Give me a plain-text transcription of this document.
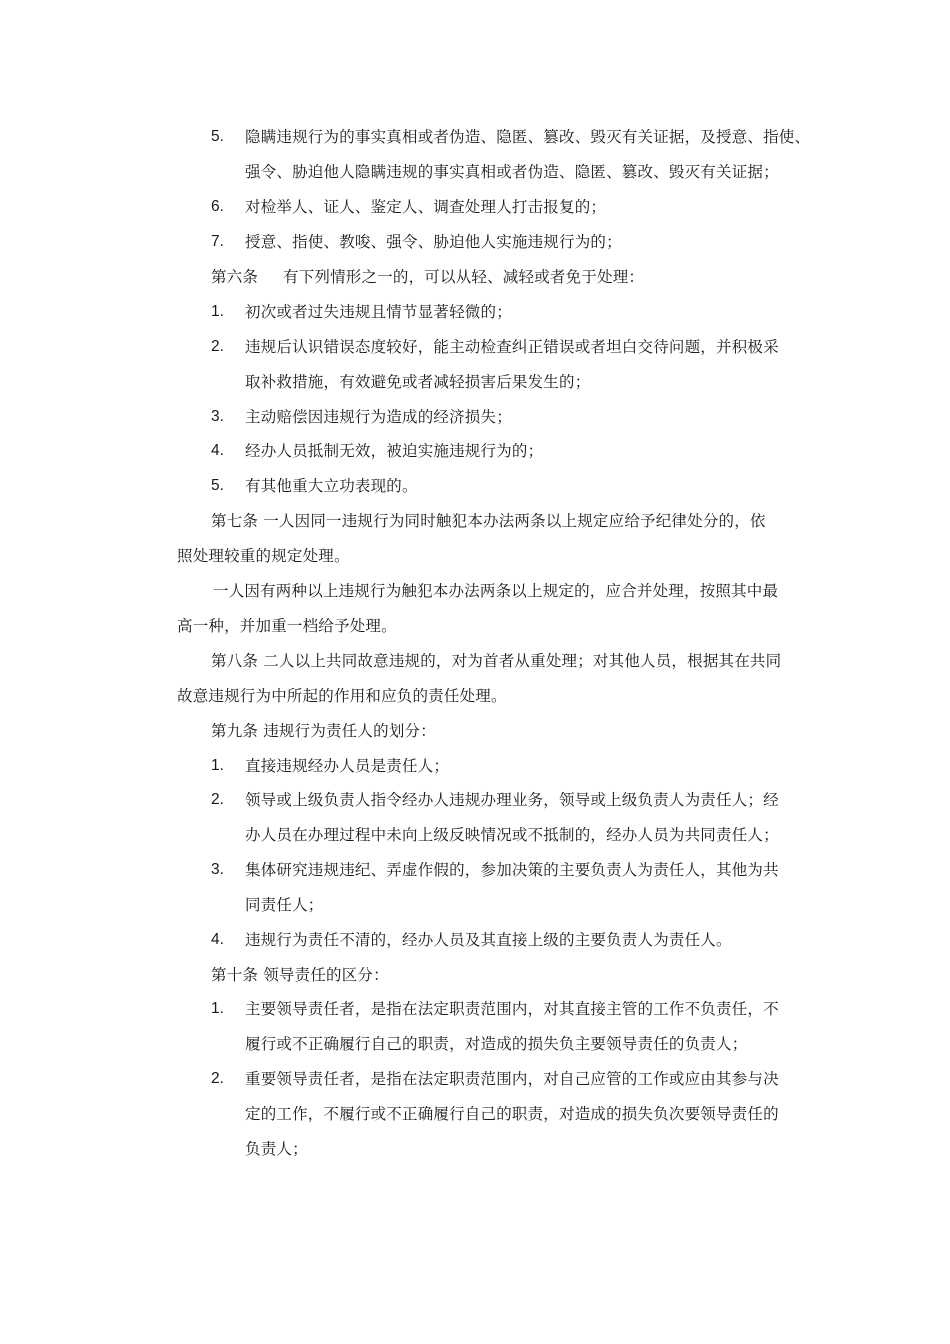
5. 隐瞒违规行为的事实真相或者伪造、隐匿、篡改、毁灭有关证据，及授意、指使、
强令、胁迫他人隐瞒违规的事实真相或者伪造、隐匿、篡改、毁灭有关证据；
6. 对检举人、证人、鉴定人、调查处理人打击报复的；
7. 授意、指使、教唆、强令、胁迫他人实施违规行为的；
第六条 有下列情形之一的，可以从轻、减轻或者免于处理：
1. 初次或者过失违规且情节显著轻微的；
2. 违规后认识错误态度较好，能主动检查纠正错误或者坦白交待问题，并积极采
取补救措施，有效避免或者减轻损害后果发生的；
3. 主动赔偿因违规行为造成的经济损失；
4. 经办人员抵制无效，被迫实施违规行为的；
5. 有其他重大立功表现的。
第七条 一人因同一违规行为同时触犯本办法两条以上规定应给予纪律处分的，依
照处理较重的规定处理。
一人因有两种以上违规行为触犯本办法两条以上规定的，应合并处理，按照其中最
高一种，并加重一档给予处理。
第八条 二人以上共同故意违规的，对为首者从重处理；对其他人员，根据其在共同
故意违规行为中所起的作用和应负的责任处理。
第九条 违规行为责任人的划分：
1. 直接违规经办人员是责任人；
2. 领导或上级负责人指令经办人违规办理业务，领导或上级负责人为责任人；经
办人员在办理过程中未向上级反映情况或不抵制的，经办人员为共同责任人；
3. 集体研究违规违纪、弄虚作假的，参加决策的主要负责人为责任人，其他为共
同责任人；
4. 违规行为责任不清的，经办人员及其直接上级的主要负责人为责任人。
第十条 领导责任的区分：
1. 主要领导责任者，是指在法定职责范围内，对其直接主管的工作不负责任，不
履行或不正确履行自己的职责，对造成的损失负主要领导责任的负责人；
2. 重要领导责任者，是指在法定职责范围内，对自己应管的工作或应由其参与决
定的工作，不履行或不正确履行自己的职责，对造成的损失负次要领导责任的
负责人；
